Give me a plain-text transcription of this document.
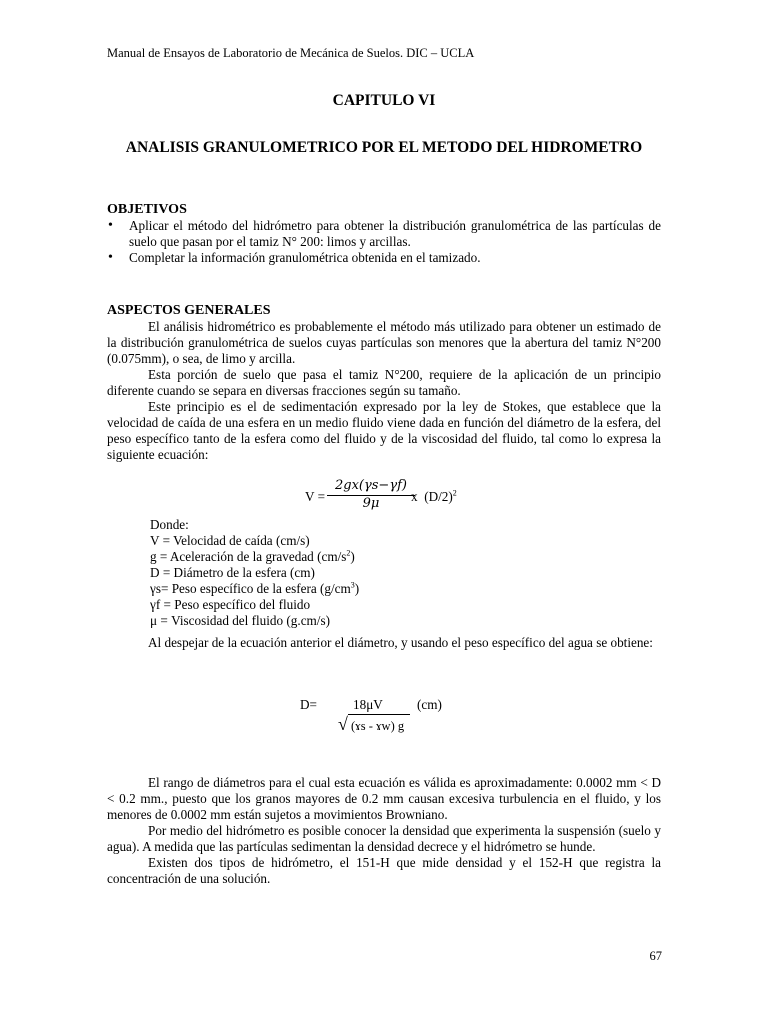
Manual de Ensayos de Laboratorio de Mecánica de Suelos. DIC – UCLA
CAPITULO VI
ANALISIS GRANULOMETRICO POR EL METODO DEL HIDROMETRO
OBJETIVOS
• Aplicar el método del hidrómetro para obtener la distribución granulométrica de las partículas de suelo que pasan por el tamiz N° 200: limos y arcillas.
• Completar la información granulométrica obtenida en el tamizado.
ASPECTOS GENERALES

El análisis hidrométrico es probablemente el método más utilizado para obtener un estimado de la distribución granulométrica de suelos cuyas partículas son menores que la abertura del tamiz N°200 (0.075mm), o sea, de limo y arcilla.

Esta porción de suelo que pasa el tamiz N°200, requiere de la aplicación de un principio diferente cuando se separa en diversas fracciones según su tamaño.

Este principio es el de sedimentación expresado por la ley de Stokes, que establece que la velocidad de caída de una esfera en un medio fluido viene dada en función del diámetro de la esfera, del peso específico tanto de la esfera como del fluido y de la viscosidad del fluido, tal como lo expresa la siguiente ecuación:

$V = \frac{2gx(\gamma s-\gamma f)}{9\mu}$
x $(D/2)^2$
Donde:
V = Velocidad de caída (cm/s)
g = Aceleración de la gravedad $(cm/s^2)$
D = Diámetro de la esfera (cm)
γs= Peso específico de la esfera $(g/cm^3)$
γf = Peso específico del fluido
μ = Viscosidad del fluido (g.cm/s)

Al despejar de la ecuación anterior el diámetro, y usando el peso específico del agua se obtiene:

D=	18μV	(cm)
√ (ɤs - ɤw) g

El rango de diámetros para el cual esta ecuación es válida es aproximadamente: 0.0002 mm < D < 0.2 mm., puesto que los granos mayores de 0.2 mm causan excesiva turbulencia en el fluido, y los menores de 0.0002 mm están sujetos a movimientos Browniano.

Por medio del hidrómetro es posible conocer la densidad que experimenta la suspensión (suelo y agua). A medida que las partículas sedimentan la densidad decrece y el hidrómetro se hunde.

Existen dos tipos de hidrómetro, el 151-H que mide densidad y el 152-H que registra la concentración de una solución.

67
